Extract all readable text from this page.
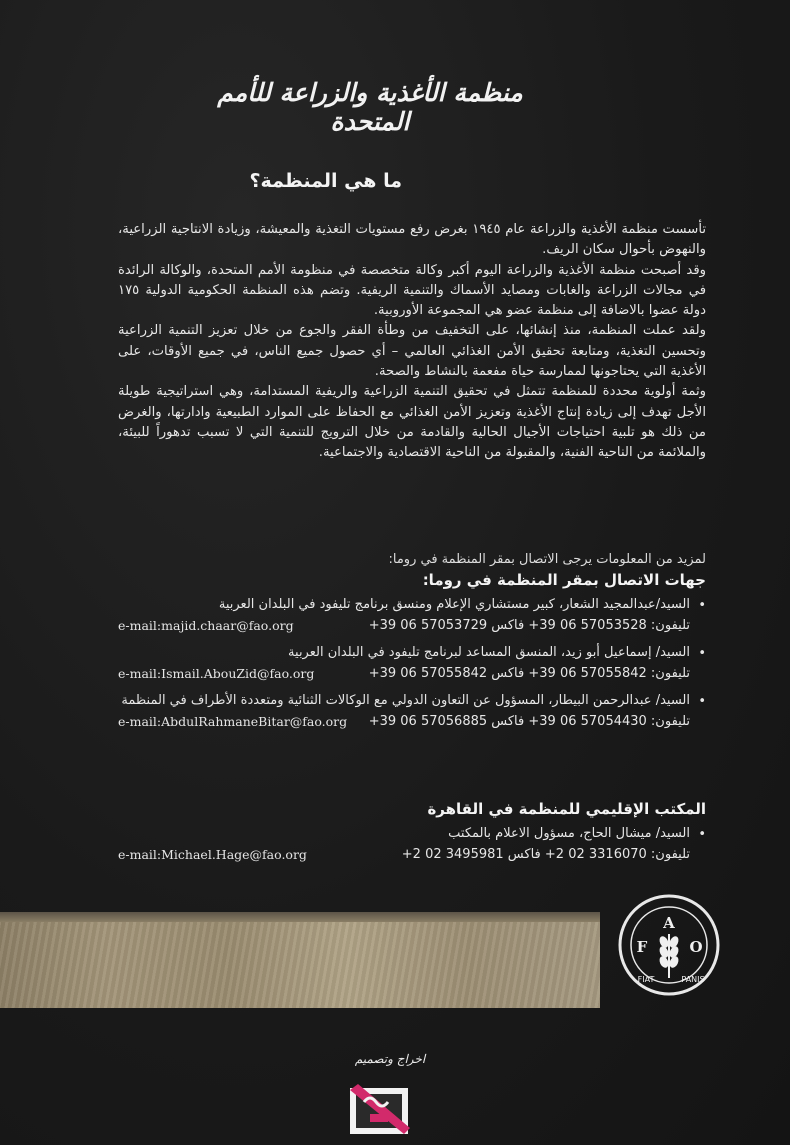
منظمة الأغذية والزراعة للأمم المتحدة
ما هي المنظمة؟

تأسست منظمة الأغذية والزراعة عام ١٩٤٥ بغرض رفع مستويات التغذية والمعيشة، وزيادة الانتاجية الزراعية، والنهوض بأحوال سكان الريف.

وقد أصبحت منظمة الأغذية والزراعة اليوم أكبر وكالة متخصصة في منظومة الأمم المتحدة، والوكالة الرائدة في مجالات الزراعة والغابات ومصايد الأسماك والتنمية الريفية. وتضم هذه المنظمة الحكومية الدولية ١٧٥ دولة عضوا بالاضافة إلى منظمة عضو هي المجموعة الأوروبية.

ولقد عملت المنظمة، منذ إنشائها، على التخفيف من وطأة الفقر والجوع من خلال تعزيز التنمية الزراعية وتحسين التغذية، ومتابعة تحقيق الأمن الغذائي العالمي – أي حصول جميع الناس، في جميع الأوقات، على الأغذية التي يحتاجونها لممارسة حياة مفعمة بالنشاط والصحة.

وثمة أولوية محددة للمنظمة تتمثل في تحقيق التنمية الزراعية والريفية المستدامة، وهي استراتيجية طويلة الأجل تهدف إلى زيادة إنتاج الأغذية وتعزيز الأمن الغذائي مع الحفاظ على الموارد الطبيعية وادارتها، والغرض من ذلك هو تلبية احتياجات الأجيال الحالية والقادمة من خلال الترويج للتنمية التي لا تسبب تدهوراً للبيئة، والملائمة من الناحية الفنية، والمقبولة من الناحية الاقتصادية والاجتماعية.

لمزيد من المعلومات يرجى الاتصال بمقر المنظمة في روما:

جهات الاتصال بمقر المنظمة في روما:

•
السيد/عبدالمجيد الشعار، كبير مستشاري الإعلام ومنسق برنامج تليفود في البلدان العربية
تليفون: 57053528 06 39+ فاكس 57053729 06 39+
e-mail:majid.chaar@fao.org
•
السيد/ إسماعيل أبو زيد، المنسق المساعد لبرنامج تليفود في البلدان العربية
تليفون: 57055842 06 39+ فاكس 57055842 06 39+
e-mail:Ismail.AbouZid@fao.org
•
السيد/ عبدالرحمن البيطار، المسؤول عن التعاون الدولي مع الوكالات الثنائية ومتعددة الأطراف في المنظمة
تليفون: 57054430 06 39+ فاكس 57056885 06 39+
e-mail:AbdulRahmaneBitar@fao.org

المكتب الإقليمي للمنظمة في القاهرة

•
السيد/ ميشال الحاج، مسؤول الاعلام بالمكتب
تليفون: 3316070 02 2+ فاكس 3495981 02 2+
e-mail:Michael.Hage@fao.org
A
F	O
FIAT	PANIS
اخراج وتصميم
